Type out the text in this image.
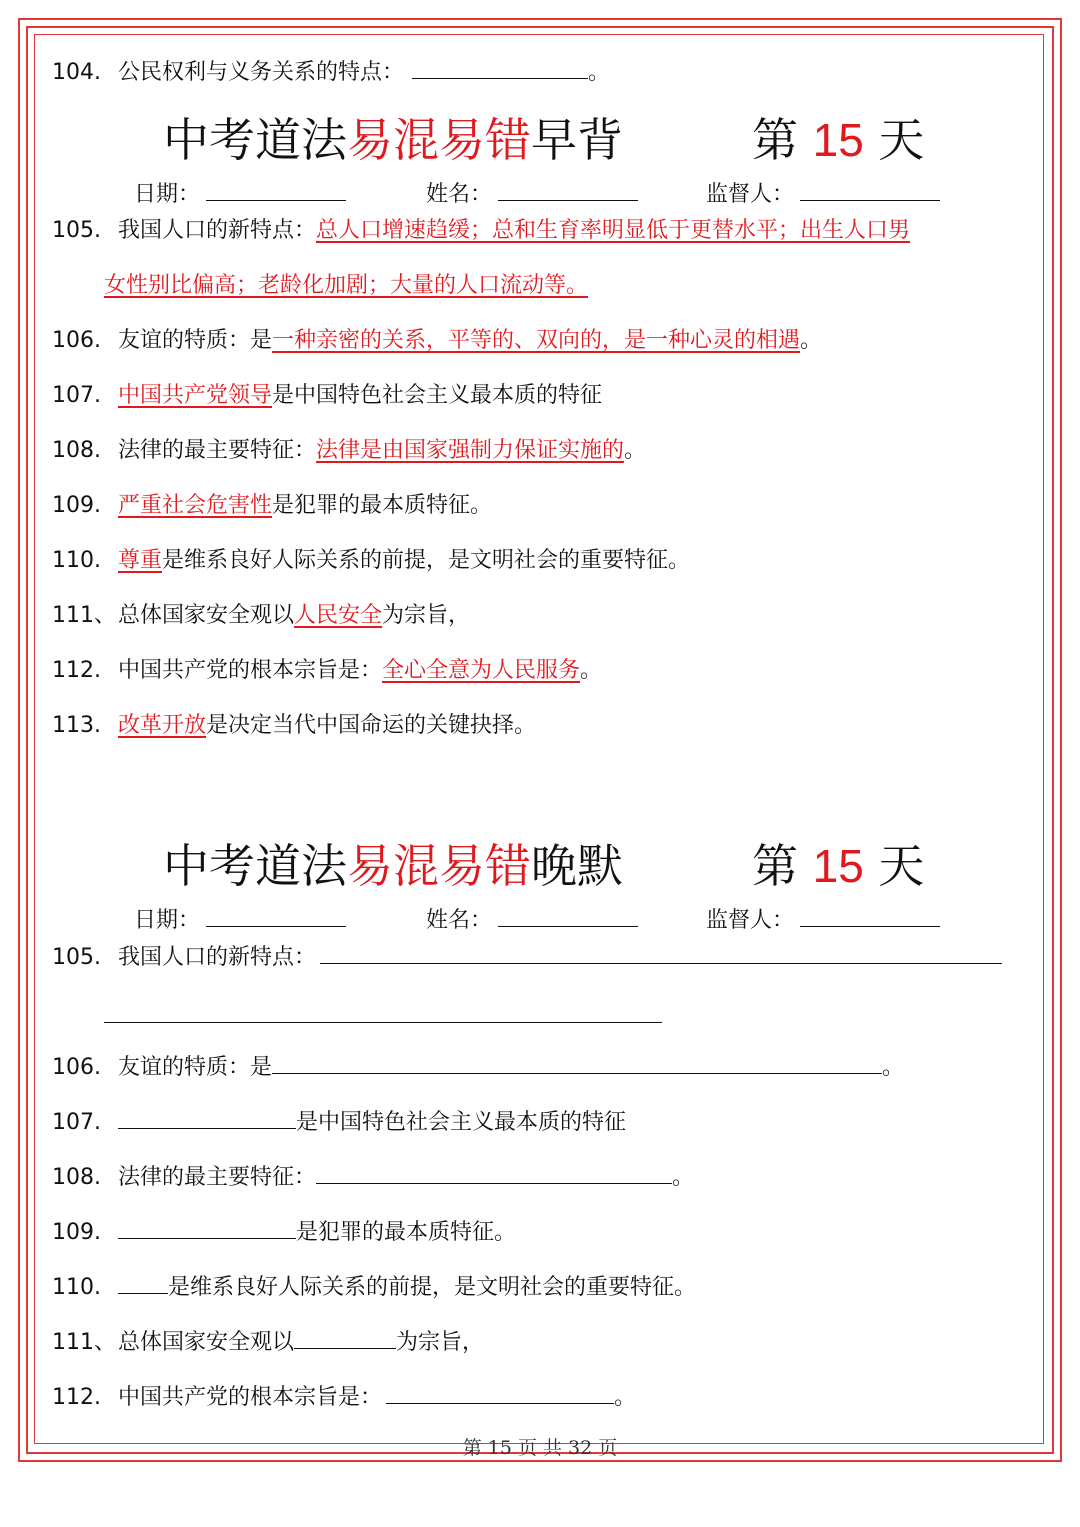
104. 公民权利与义务关系的特点：	。
中考道法易混易错早背	第 15 天
日期：	姓名：	监督人：
105. 我国人口的新特点：总人口增速趋缓；总和生育率明显低于更替水平；出生人口男
女性别比偏高；老龄化加剧；大量的人口流动等。
106. 友谊的特质：是一种亲密的关系，平等的、双向的，是一种心灵的相遇。
107. 中国共产党领导是中国特色社会主义最本质的特征
108. 法律的最主要特征：法律是由国家强制力保证实施的。
109. 严重社会危害性是犯罪的最本质特征。
110. 尊重是维系良好人际关系的前提，是文明社会的重要特征。
111、总体国家安全观以人民安全为宗旨，
112. 中国共产党的根本宗旨是：全心全意为人民服务。
113. 改革开放是决定当代中国命运的关键抉择。
中考道法易混易错晚默	第 15 天
日期：	姓名：	监督人：
105. 我国人口的新特点：
106. 友谊的特质：是	。
107.	是中国特色社会主义最本质的特征
108. 法律的最主要特征：	。
109.	是犯罪的最本质特征。
110.	是维系良好人际关系的前提，是文明社会的重要特征。
111、总体国家安全观以	为宗旨，
112. 中国共产党的根本宗旨是：	。
第 15 页 共 32 页
